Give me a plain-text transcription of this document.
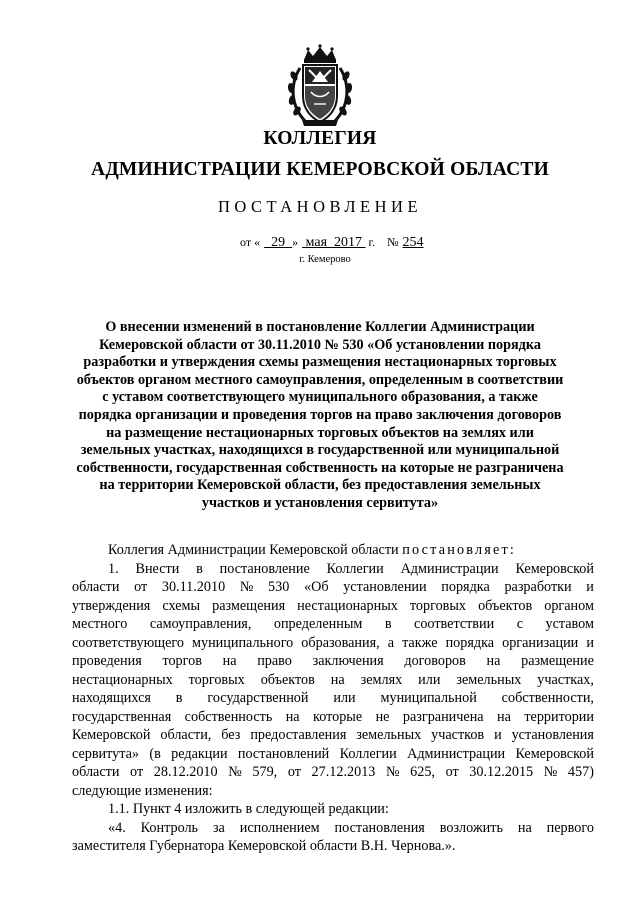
КОЛЛЕГИЯ
АДМИНИСТРАЦИИ КЕМЕРОВСКОЙ ОБЛАСТИ
ПОСТАНОВЛЕНИЕ
от « 29 » мая 2017 г. № 254
г. Кемерово
О внесении изменений в постановление Коллегии Администрации
Кемеровской области от 30.11.2010 № 530 «Об установлении порядка
разработки и утверждения схемы размещения нестационарных торговых
объектов органом местного самоуправления, определенным в соответствии
с уставом соответствующего муниципального образования, а также
порядка организации и проведения торгов на право заключения договоров
на размещение нестационарных торговых объектов на землях или
земельных участках, находящихся в государственной или муниципальной
собственности, государственная собственность на которые не разграничена
на территории Кемеровской области, без предоставления земельных
участков и установления сервитута»
Коллегия Администрации Кемеровской области постановляет:
1. Внести в постановление Коллегии Администрации Кемеровской
области от 30.11.2010 № 530 «Об установлении порядка разработки и
утверждения схемы размещения нестационарных торговых объектов органом
местного самоуправления, определенным в соответствии с уставом
соответствующего муниципального образования, а также порядка организации и
проведения торгов на право заключения договоров на размещение
нестационарных торговых объектов на землях или земельных участках,
находящихся в государственной или муниципальной собственности,
государственная собственность на которые не разграничена на территории
Кемеровской области, без предоставления земельных участков и установления
сервитута» (в редакции постановлений Коллегии Администрации Кемеровской
области от 28.12.2010 № 579, от 27.12.2013 № 625, от 30.12.2015 № 457)
следующие изменения:
1.1. Пункт 4 изложить в следующей редакции:
«4. Контроль за исполнением постановления возложить на первого
заместителя Губернатора Кемеровской области В.Н. Чернова.».
